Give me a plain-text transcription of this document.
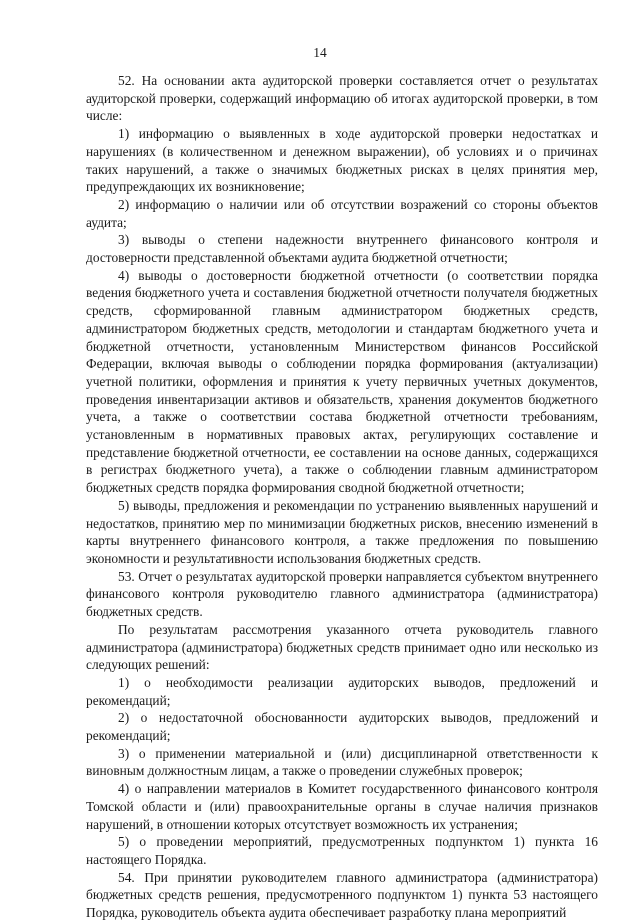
14

52. На основании акта аудиторской проверки составляется отчет о результатах аудиторской проверки, содержащий информацию об итогах аудиторской проверки, в том числе:

1) информацию о выявленных в ходе аудиторской проверки недостатках и нарушениях (в количественном и денежном выражении), об условиях и о причинах таких нарушений, а также о значимых бюджетных рисках в целях принятия мер, предупреждающих их возникновение;

2) информацию о наличии или об отсутствии возражений со стороны объектов аудита;

3) выводы о степени надежности внутреннего финансового контроля и достоверности представленной объектами аудита бюджетной отчетности;

4) выводы о достоверности бюджетной отчетности (о соответствии порядка ведения бюджетного учета и составления бюджетной отчетности получателя бюджетных средств, сформированной главным администратором бюджетных средств, администратором бюджетных средств, методологии и стандартам бюджетного учета и бюджетной отчетности, установленным Министерством финансов Российской Федерации, включая выводы о соблюдении порядка формирования (актуализации) учетной политики, оформления и принятия к учету первичных учетных документов, проведения инвентаризации активов и обязательств, хранения документов бюджетного учета, а также о соответствии состава бюджетной отчетности требованиям, установленным в нормативных правовых актах, регулирующих составление и представление бюджетной отчетности, ее составлении на основе данных, содержащихся в регистрах бюджетного учета), а также о соблюдении главным администратором бюджетных средств порядка формирования сводной бюджетной отчетности;

5) выводы, предложения и рекомендации по устранению выявленных нарушений и недостатков, принятию мер по минимизации бюджетных рисков, внесению изменений в карты внутреннего финансового контроля, а также предложения по повышению экономности и результативности использования бюджетных средств.

53. Отчет о результатах аудиторской проверки направляется субъектом внутреннего финансового контроля руководителю главного администратора (администратора) бюджетных средств.

По результатам рассмотрения указанного отчета руководитель главного администратора (администратора) бюджетных средств принимает одно или несколько из следующих решений:

1) о необходимости реализации аудиторских выводов, предложений и рекомендаций;

2) о недостаточной обоснованности аудиторских выводов, предложений и рекомендаций;

3) о применении материальной и (или) дисциплинарной ответственности к виновным должностным лицам, а также о проведении служебных проверок;

4) о направлении материалов в Комитет государственного финансового контроля Томской области и (или) правоохранительные органы в случае наличия признаков нарушений, в отношении которых отсутствует возможность их устранения;

5) о проведении мероприятий, предусмотренных подпунктом 1) пункта 16 настоящего Порядка.

54. При принятии руководителем главного администратора (администратора) бюджетных средств решения, предусмотренного подпунктом 1) пункта 53 настоящего Порядка, руководитель объекта аудита обеспечивает разработку плана мероприятий
